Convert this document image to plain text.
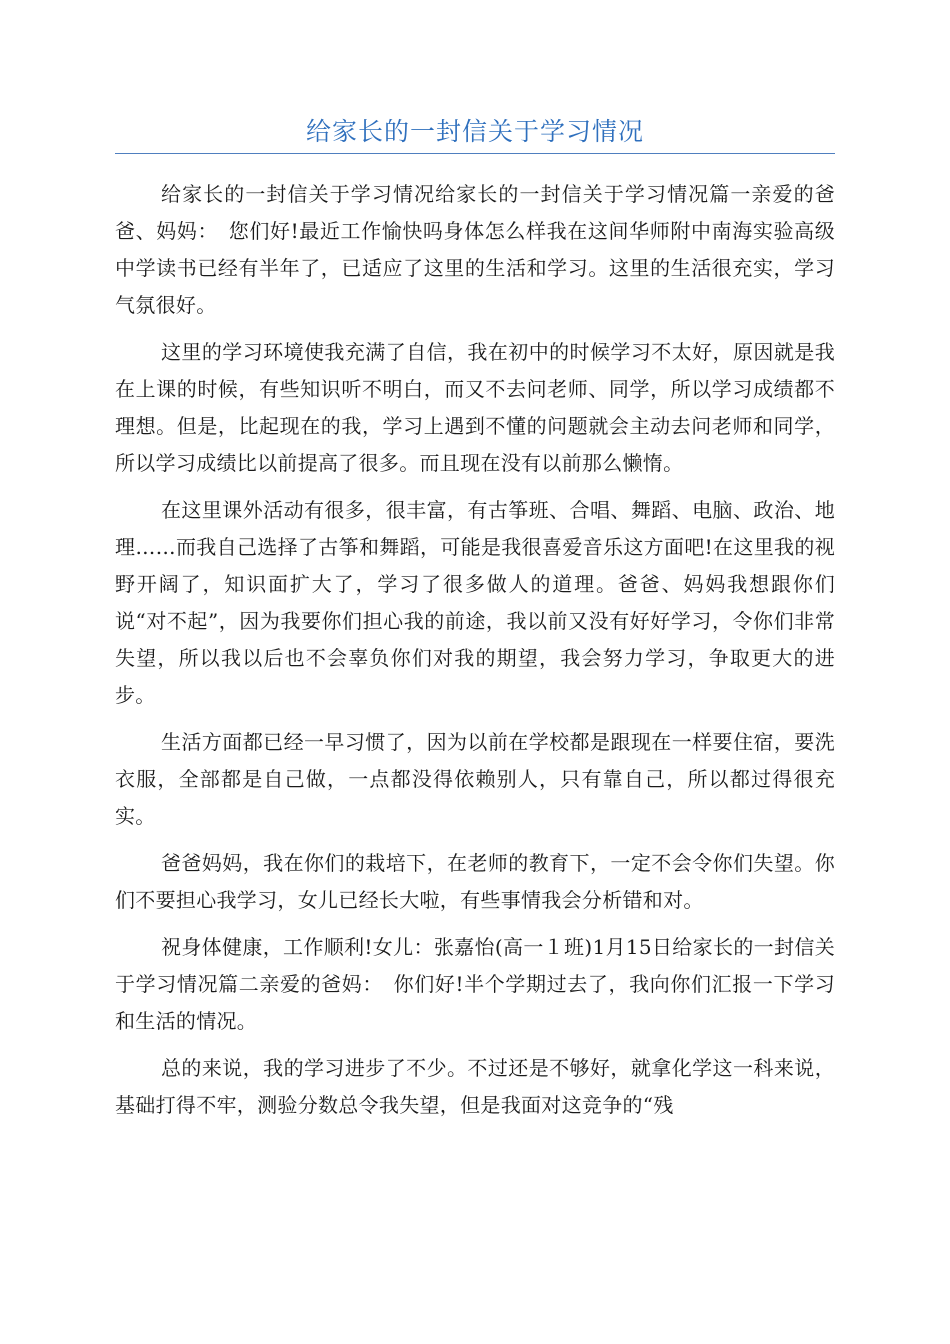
给家长的一封信关于学习情况

给家长的一封信关于学习情况给家长的一封信关于学习情况篇一亲爱的爸爸、妈妈：　您们好!最近工作愉快吗身体怎么样我在这间华师附中南海实验高级中学读书已经有半年了，已适应了这里的生活和学习。这里的生活很充实，学习气氛很好。

这里的学习环境使我充满了自信，我在初中的时候学习不太好，原因就是我在上课的时候，有些知识听不明白，而又不去问老师、同学，所以学习成绩都不理想。但是，比起现在的我，学习上遇到不懂的问题就会主动去问老师和同学，所以学习成绩比以前提高了很多。而且现在没有以前那么懒惰。

在这里课外活动有很多，很丰富，有古筝班、合唱、舞蹈、电脑、政治、地理……而我自己选择了古筝和舞蹈，可能是我很喜爱音乐这方面吧!在这里我的视野开阔了，知识面扩大了，学习了很多做人的道理。爸爸、妈妈我想跟你们说“对不起”，因为我要你们担心我的前途，我以前又没有好好学习，令你们非常失望，所以我以后也不会辜负你们对我的期望，我会努力学习，争取更大的进步。

生活方面都已经一早习惯了，因为以前在学校都是跟现在一样要住宿，要洗衣服，全部都是自己做，一点都没得依赖别人，只有靠自己，所以都过得很充实。

爸爸妈妈，我在你们的栽培下，在老师的教育下，一定不会令你们失望。你们不要担心我学习，女儿已经长大啦，有些事情我会分析错和对。

祝身体健康，工作顺利!女儿：张嘉怡(高一１班)1月15日给家长的一封信关于学习情况篇二亲爱的爸妈：　你们好!半个学期过去了，我向你们汇报一下学习和生活的情况。

总的来说，我的学习进步了不少。不过还是不够好，就拿化学这一科来说，基础打得不牢，测验分数总令我失望，但是我面对这竞争的“残
